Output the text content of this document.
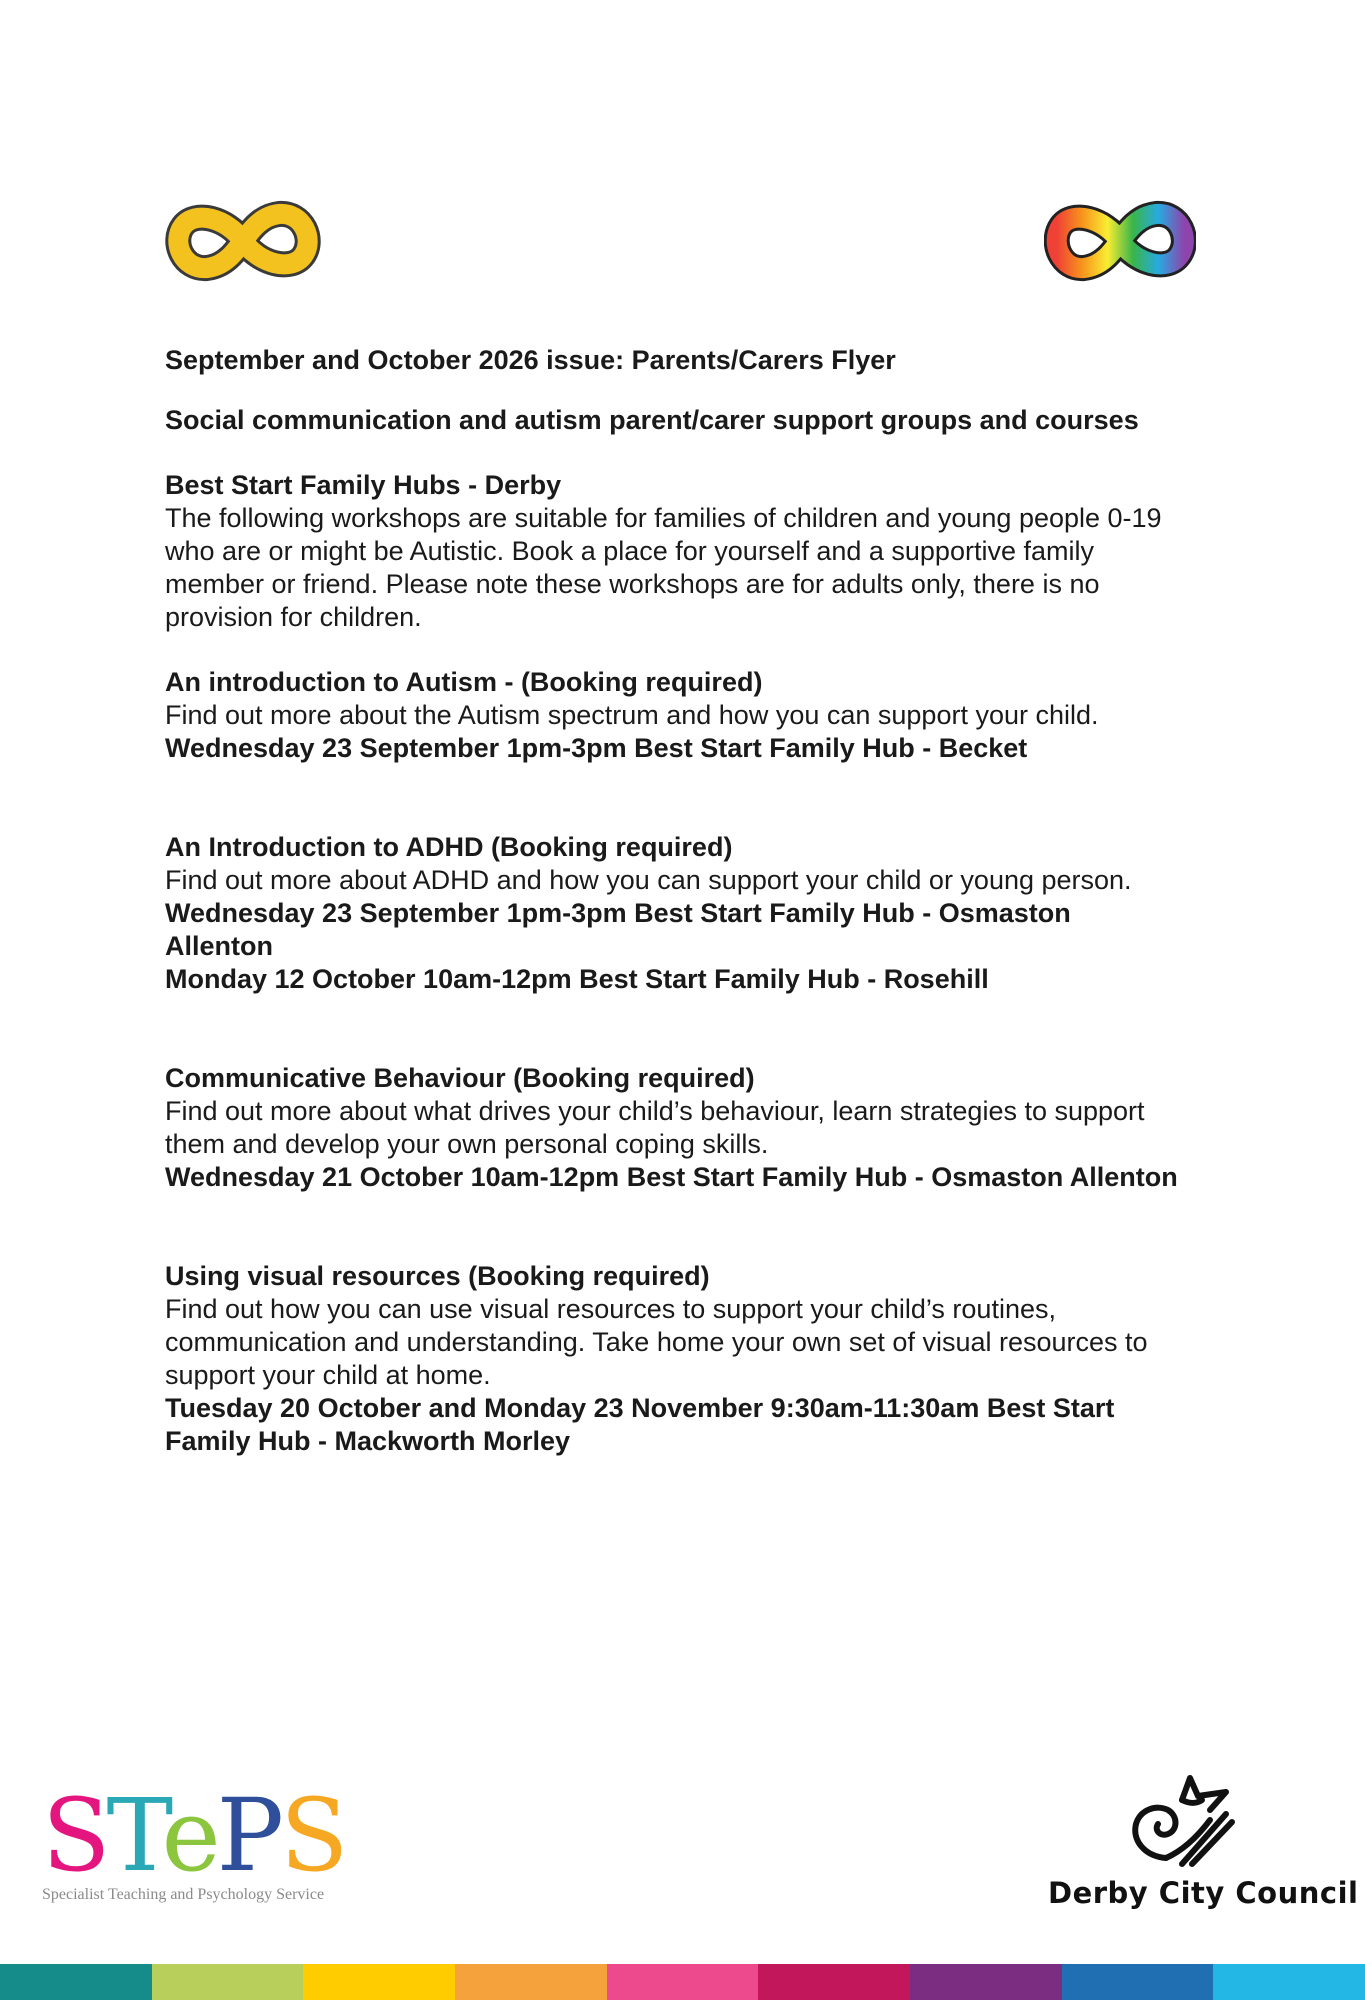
September and October 2026 issue: Parents/Carers Flyer

Social communication and autism parent/carer support groups and courses

Best Start Family Hubs - Derby

The following workshops are suitable for families of children and young people 0-19

who are or might be Autistic. Book a place for yourself and a supportive family

member or friend. Please note these workshops are for adults only, there is no

provision for children.

An introduction to Autism - (Booking required)

Find out more about the Autism spectrum and how you can support your child.

Wednesday 23 September 1pm-3pm Best Start Family Hub - Becket

An Introduction to ADHD (Booking required)

Find out more about ADHD and how you can support your child or young person.

Wednesday 23 September 1pm-3pm Best Start Family Hub - Osmaston

Allenton

Monday 12 October 10am-12pm Best Start Family Hub - Rosehill

Communicative Behaviour (Booking required)

Find out more about what drives your child’s behaviour, learn strategies to support

them and develop your own personal coping skills.

Wednesday 21 October 10am-12pm Best Start Family Hub - Osmaston Allenton

Using visual resources (Booking required)

Find out how you can use visual resources to support your child’s routines,

communication and understanding. Take home your own set of visual resources to

support your child at home.

Tuesday 20 October and Monday 23 November 9:30am-11:30am Best Start

Family Hub - Mackworth Morley

STePS
Specialist Teaching and Psychology Service	Derby City Council
